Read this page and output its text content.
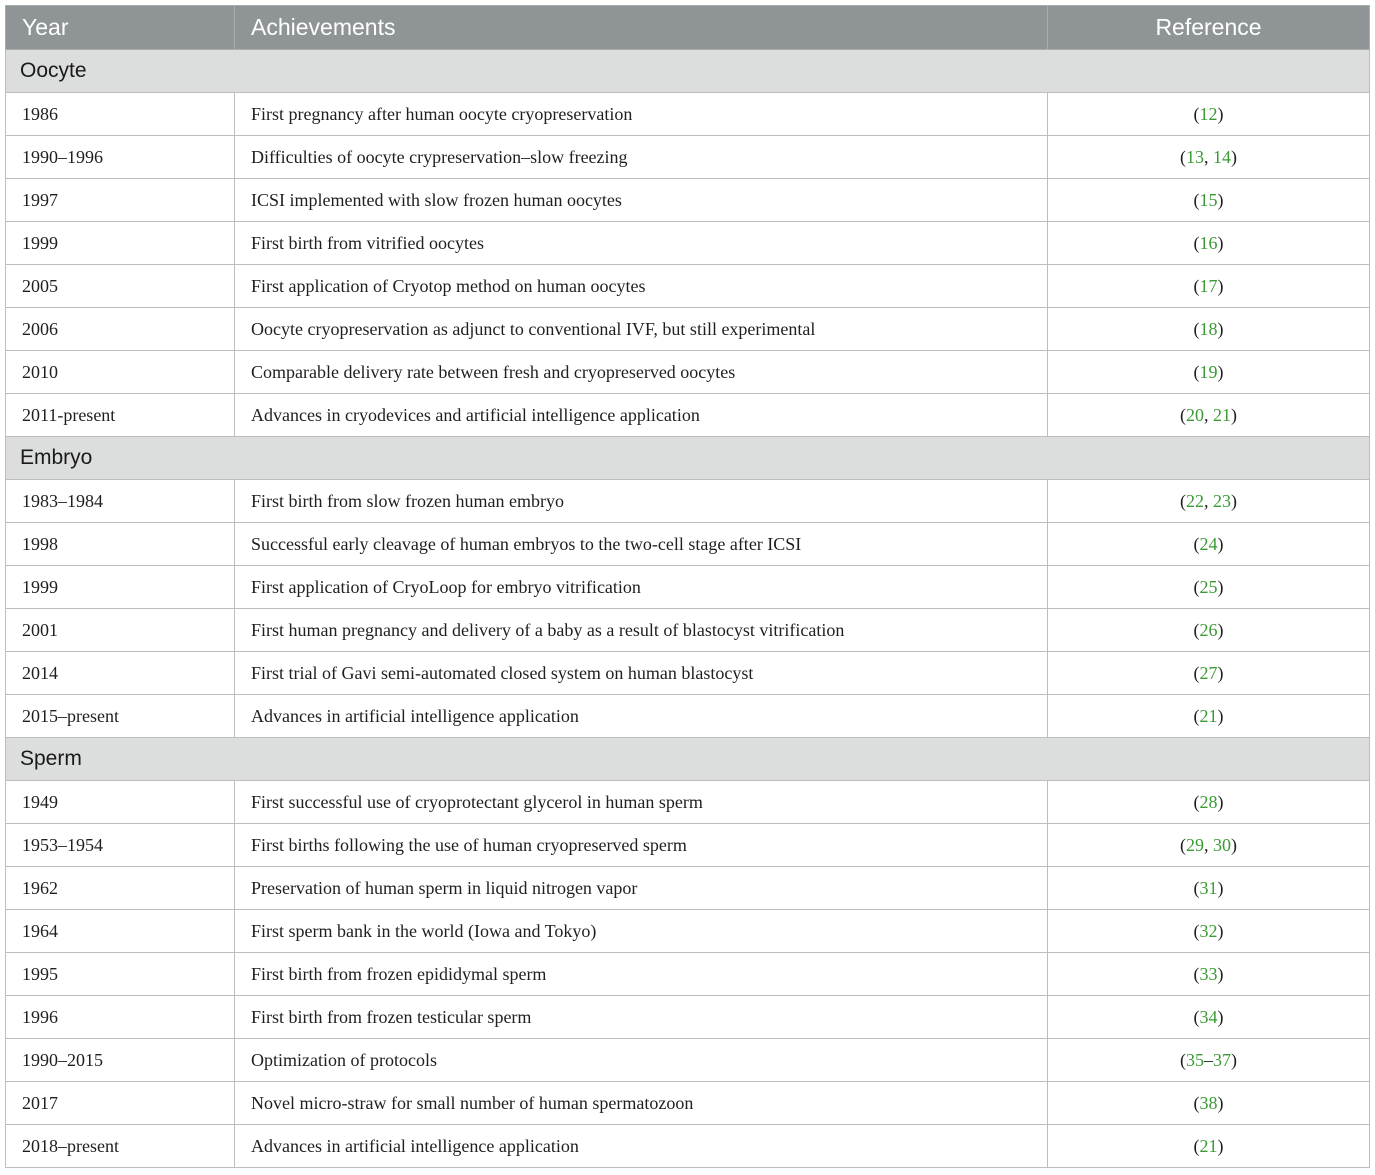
Year	Achievements	Reference
Oocyte		
1986	First pregnancy after human oocyte cryopreservation	(12)
1990–1996	Difficulties of oocyte crypreservation–slow freezing	(13, 14)
1997	ICSI implemented with slow frozen human oocytes	(15)
1999	First birth from vitrified oocytes	(16)
2005	First application of Cryotop method on human oocytes	(17)
2006	Oocyte cryopreservation as adjunct to conventional IVF, but still experimental	(18)
2010	Comparable delivery rate between fresh and cryopreserved oocytes	(19)
2011-present	Advances in cryodevices and artificial intelligence application	(20, 21)
Embryo		
1983–1984	First birth from slow frozen human embryo	(22, 23)
1998	Successful early cleavage of human embryos to the two-cell stage after ICSI	(24)
1999	First application of CryoLoop for embryo vitrification	(25)
2001	First human pregnancy and delivery of a baby as a result of blastocyst vitrification	(26)
2014	First trial of Gavi semi-automated closed system on human blastocyst	(27)
2015–present	Advances in artificial intelligence application	(21)
Sperm		
1949	First successful use of cryoprotectant glycerol in human sperm	(28)
1953–1954	First births following the use of human cryopreserved sperm	(29, 30)
1962	Preservation of human sperm in liquid nitrogen vapor	(31)
1964	First sperm bank in the world (Iowa and Tokyo)	(32)
1995	First birth from frozen epididymal sperm	(33)
1996	First birth from frozen testicular sperm	(34)
1990–2015	Optimization of protocols	(35–37)
2017	Novel micro-straw for small number of human spermatozoon	(38)
2018–present	Advances in artificial intelligence application	(21)
